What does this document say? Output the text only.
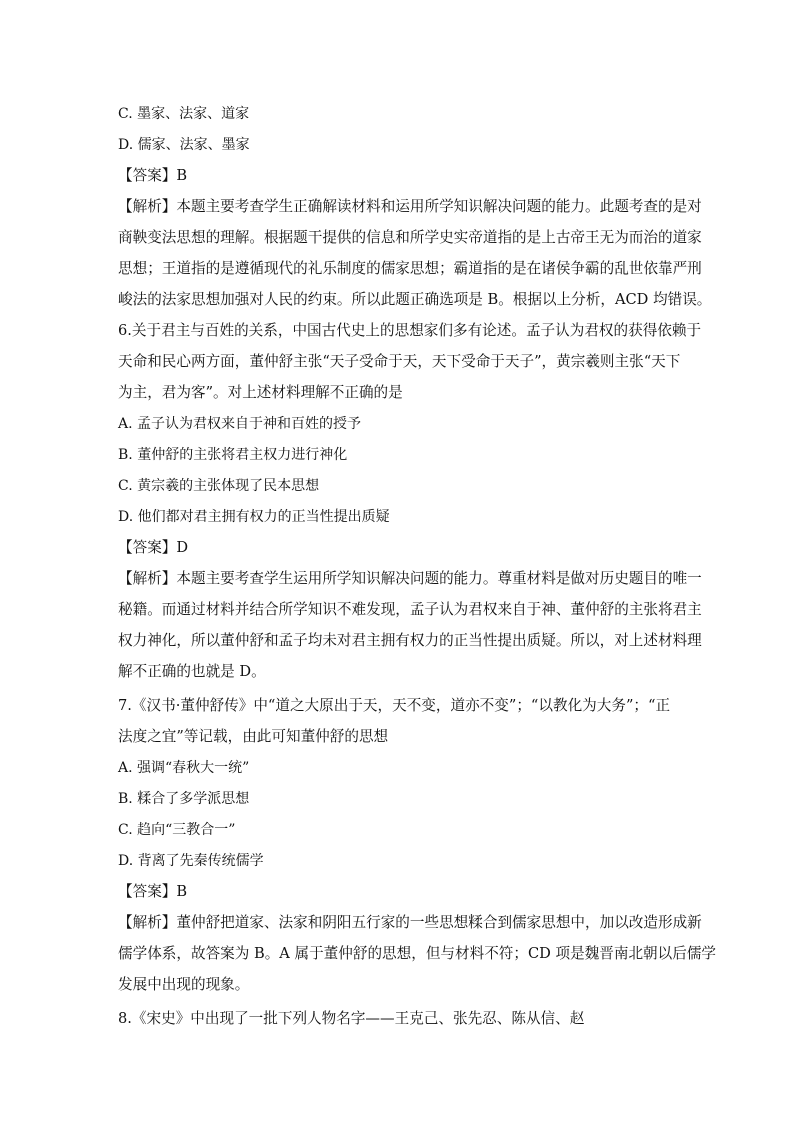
C. 墨家、法家、道家
D. 儒家、法家、墨家
【答案】B
【解析】本题主要考查学生正确解读材料和运用所学知识解决问题的能力。此题考查的是对
商鞅变法思想的理解。根据题干提供的信息和所学史实帝道指的是上古帝王无为而治的道家
思想；王道指的是遵循现代的礼乐制度的儒家思想；霸道指的是在诸侯争霸的乱世依靠严刑
峻法的法家思想加强对人民的约束。所以此题正确选项是 B。根据以上分析，ACD 均错误。
6.关于君主与百姓的关系，中国古代史上的思想家们多有论述。孟子认为君权的获得依赖于
天命和民心两方面，董仲舒主张“天子受命于天，天下受命于天子”，黄宗羲则主张“天下
为主，君为客”。对上述材料理解不正确的是
A. 孟子认为君权来自于神和百姓的授予
B. 董仲舒的主张将君主权力进行神化
C. 黄宗羲的主张体现了民本思想
D. 他们都对君主拥有权力的正当性提出质疑
【答案】D
【解析】本题主要考查学生运用所学知识解决问题的能力。尊重材料是做对历史题目的唯一
秘籍。而通过材料并结合所学知识不难发现，孟子认为君权来自于神、董仲舒的主张将君主
权力神化，所以董仲舒和孟子均未对君主拥有权力的正当性提出质疑。所以，对上述材料理
解不正确的也就是 D。
7.《汉书·董仲舒传》中“道之大原出于天，天不变，道亦不变”；“以教化为大务”；“正
法度之宜”等记载，由此可知董仲舒的思想
A. 强调“春秋大一统”
B. 糅合了多学派思想
C. 趋向“三教合一”
D. 背离了先秦传统儒学
【答案】B
【解析】董仲舒把道家、法家和阴阳五行家的一些思想糅合到儒家思想中，加以改造形成新
儒学体系，故答案为 B。A 属于董仲舒的思想，但与材料不符；CD 项是魏晋南北朝以后儒学
发展中出现的现象。
8.《宋史》中出现了一批下列人物名字——王克己、张先忍、陈从信、赵
